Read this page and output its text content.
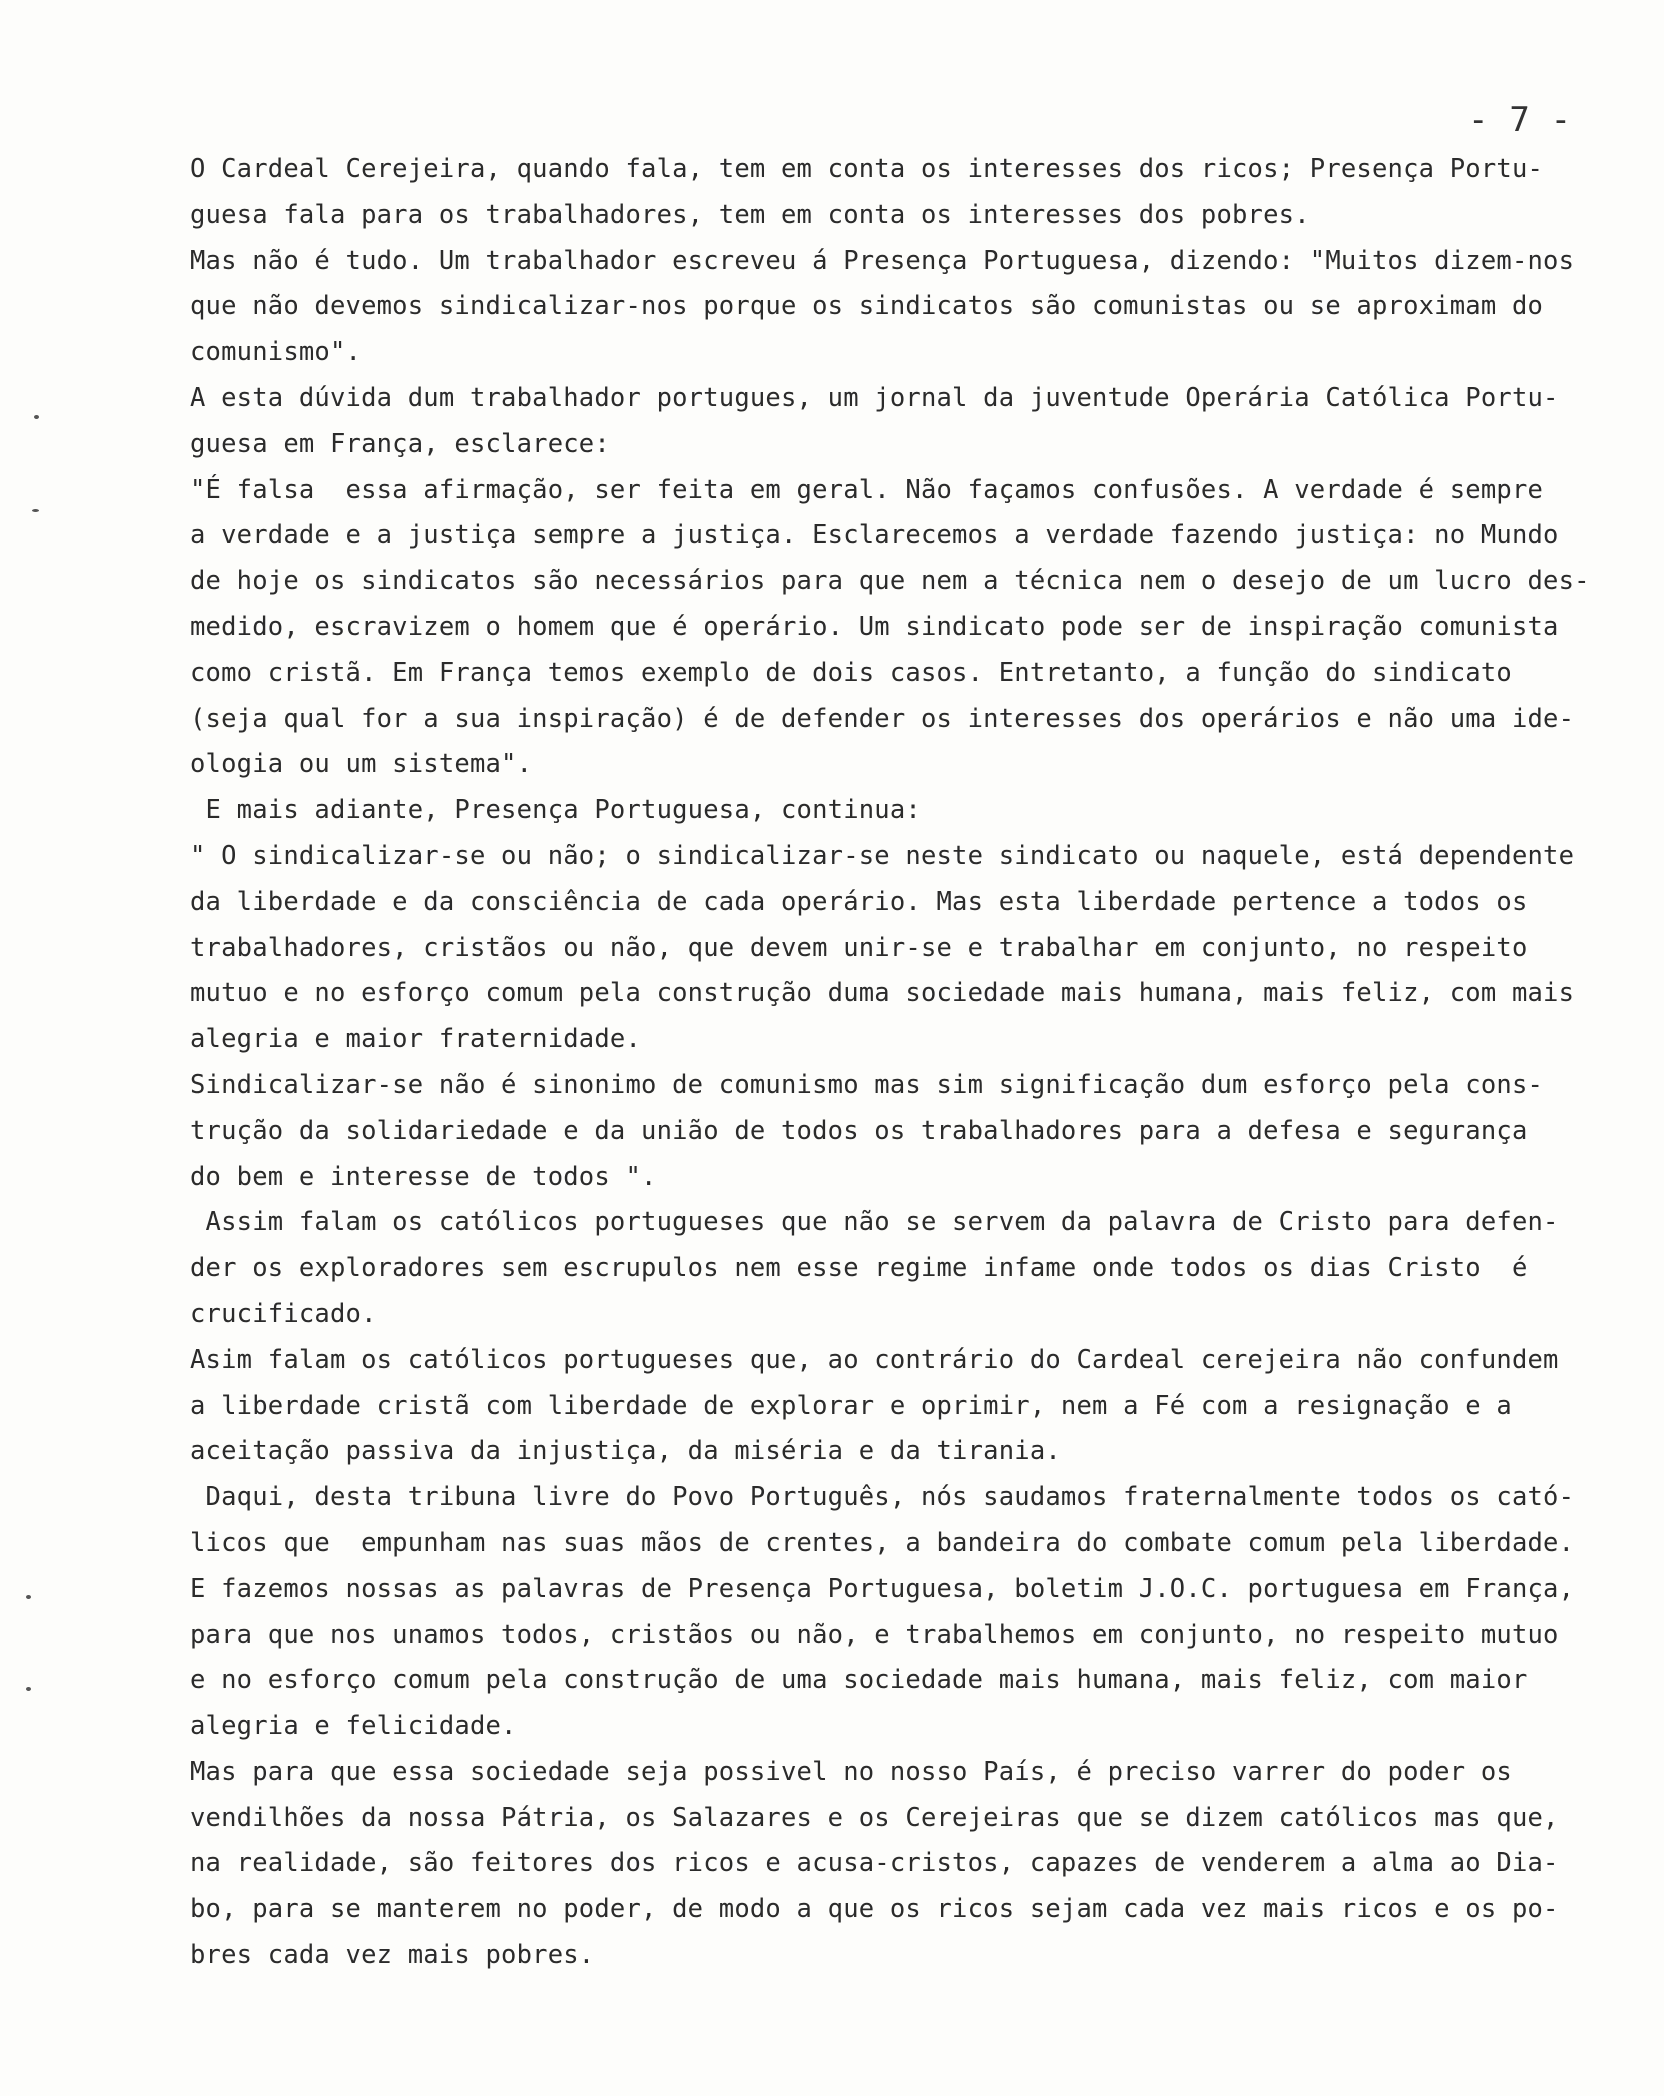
- 7 -
O Cardeal Cerejeira, quando fala, tem em conta os interesses dos ricos; Presença Portu-
guesa fala para os trabalhadores, tem em conta os interesses dos pobres.
Mas não é tudo. Um trabalhador escreveu á Presença Portuguesa, dizendo: "Muitos dizem-nos
que não devemos sindicalizar-nos porque os sindicatos são comunistas ou se aproximam do
comunismo".
A esta dúvida dum trabalhador portugues, um jornal da juventude Operária Católica Portu-
guesa em França, esclarece:
"É falsa  essa afirmação, ser feita em geral. Não façamos confusões. A verdade é sempre
a verdade e a justiça sempre a justiça. Esclarecemos a verdade fazendo justiça: no Mundo
de hoje os sindicatos são necessários para que nem a técnica nem o desejo de um lucro des-
medido, escravizem o homem que é operário. Um sindicato pode ser de inspiração comunista
como cristã. Em França temos exemplo de dois casos. Entretanto, a função do sindicato
(seja qual for a sua inspiração) é de defender os interesses dos operários e não uma ide-
ologia ou um sistema".
E mais adiante, Presença Portuguesa, continua:
" O sindicalizar-se ou não; o sindicalizar-se neste sindicato ou naquele, está dependente
da liberdade e da consciência de cada operário. Mas esta liberdade pertence a todos os
trabalhadores, cristãos ou não, que devem unir-se e trabalhar em conjunto, no respeito
mutuo e no esforço comum pela construção duma sociedade mais humana, mais feliz, com mais
alegria e maior fraternidade.
Sindicalizar-se não é sinonimo de comunismo mas sim significação dum esforço pela cons-
trução da solidariedade e da união de todos os trabalhadores para a defesa e segurança
do bem e interesse de todos ".
Assim falam os católicos portugueses que não se servem da palavra de Cristo para defen-
der os exploradores sem escrupulos nem esse regime infame onde todos os dias Cristo  é
crucificado.
Asim falam os católicos portugueses que, ao contrário do Cardeal cerejeira não confundem
a liberdade cristã com liberdade de explorar e oprimir, nem a Fé com a resignação e a
aceitação passiva da injustiça, da miséria e da tirania.
Daqui, desta tribuna livre do Povo Português, nós saudamos fraternalmente todos os cató-
licos que  empunham nas suas mãos de crentes, a bandeira do combate comum pela liberdade.
E fazemos nossas as palavras de Presença Portuguesa, boletim J.O.C. portuguesa em França,
para que nos unamos todos, cristãos ou não, e trabalhemos em conjunto, no respeito mutuo
e no esforço comum pela construção de uma sociedade mais humana, mais feliz, com maior
alegria e felicidade.
Mas para que essa sociedade seja possivel no nosso País, é preciso varrer do poder os
vendilhões da nossa Pátria, os Salazares e os Cerejeiras que se dizem católicos mas que,
na realidade, são feitores dos ricos e acusa-cristos, capazes de venderem a alma ao Dia-
bo, para se manterem no poder, de modo a que os ricos sejam cada vez mais ricos e os po-
bres cada vez mais pobres.
